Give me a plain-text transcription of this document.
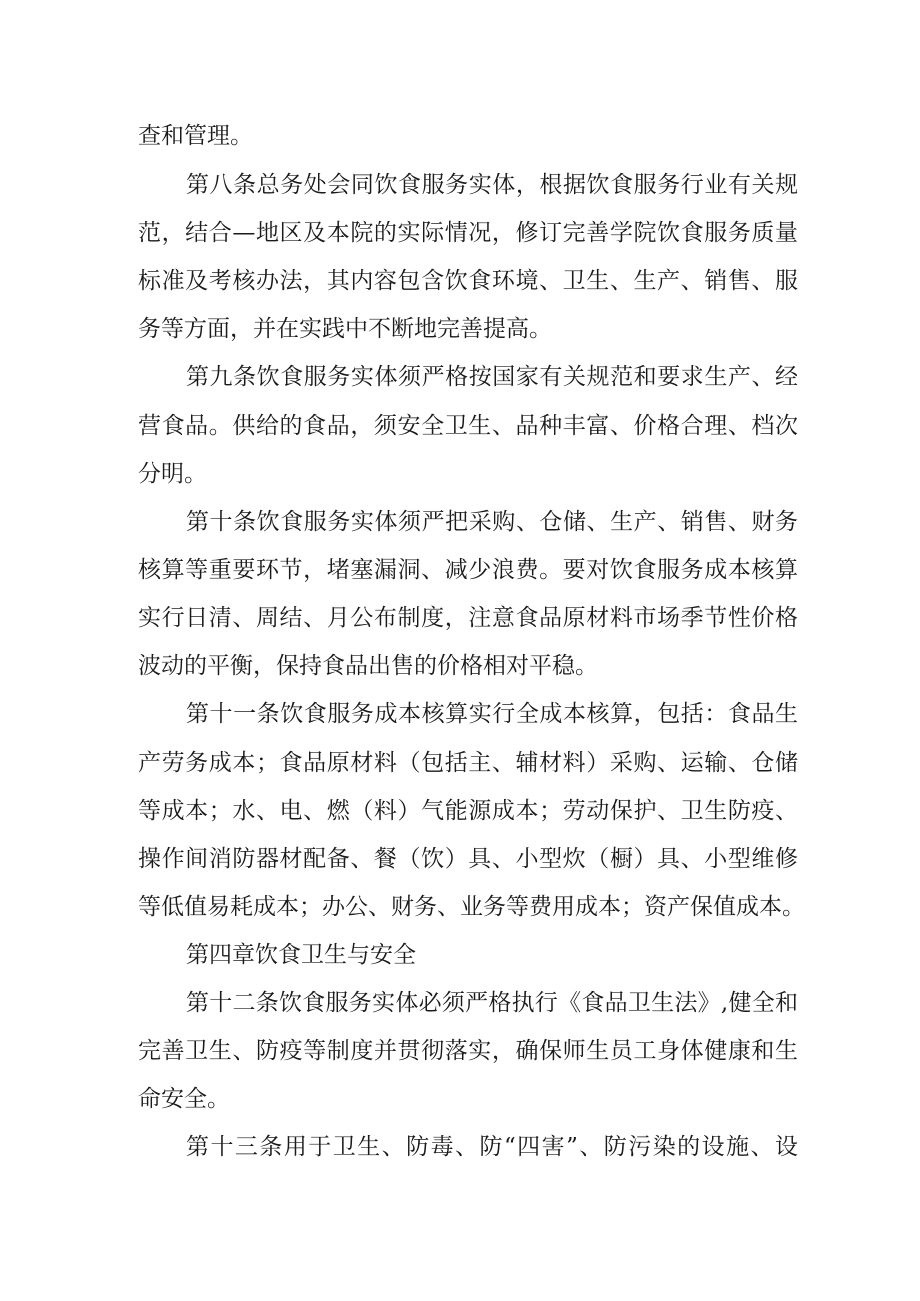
查和管理。
第八条总务处会同饮食服务实体，根据饮食服务行业有关规
范，结合—地区及本院的实际情况，修订完善学院饮食服务质量
标准及考核办法，其内容包含饮食环境、卫生、生产、销售、服
务等方面，并在实践中不断地完善提高。
第九条饮食服务实体须严格按国家有关规范和要求生产、经
营食品。供给的食品，须安全卫生、品种丰富、价格合理、档次
分明。
第十条饮食服务实体须严把采购、仓储、生产、销售、财务
核算等重要环节，堵塞漏洞、减少浪费。要对饮食服务成本核算
实行日清、周结、月公布制度，注意食品原材料市场季节性价格
波动的平衡，保持食品出售的价格相对平稳。
第十一条饮食服务成本核算实行全成本核算，包括：食品生
产劳务成本；食品原材料（包括主、辅材料）采购、运输、仓储
等成本；水、电、燃（料）气能源成本；劳动保护、卫生防疫、
操作间消防器材配备、餐（饮）具、小型炊（橱）具、小型维修
等低值易耗成本；办公、财务、业务等费用成本；资产保值成本。
第四章饮食卫生与安全
第十二条饮食服务实体必须严格执行《食品卫生法》,健全和
完善卫生、防疫等制度并贯彻落实，确保师生员工身体健康和生
命安全。
第十三条用于卫生、防毒、防“四害”、防污染的设施、设
